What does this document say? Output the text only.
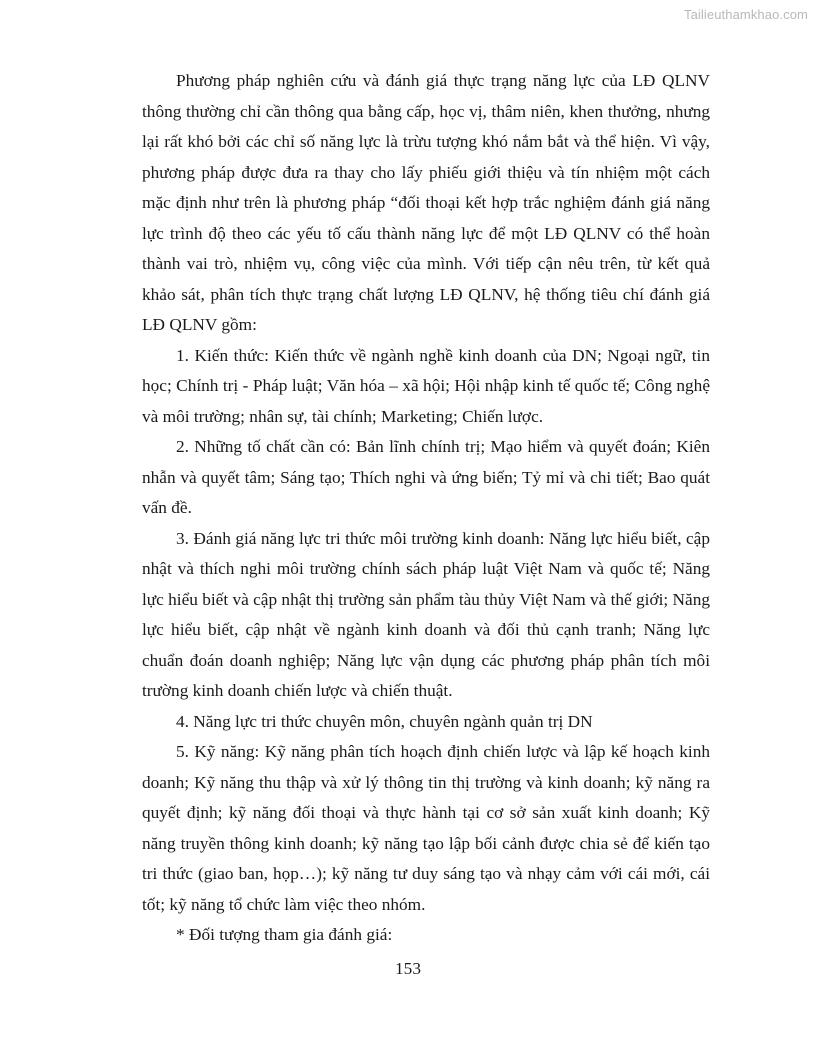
Tailieuthamkhao.com

Phương pháp nghiên cứu và đánh giá thực trạng năng lực của LĐ QLNV thông thường chỉ cần thông qua bằng cấp, học vị, thâm niên, khen thưởng, nhưng lại rất khó bởi các chỉ số năng lực là trừu tượng khó nắm bắt và thể hiện. Vì vậy, phương pháp được đưa ra thay cho lấy phiếu giới thiệu và tín nhiệm một cách mặc định như trên là phương pháp “đối thoại kết hợp trắc nghiệm đánh giá năng lực trình độ theo các yếu tố cấu thành năng lực để một LĐ QLNV có thể hoàn thành vai trò, nhiệm vụ, công việc của mình. Với tiếp cận nêu trên, từ kết quả khảo sát, phân tích thực trạng chất lượng LĐ QLNV, hệ thống tiêu chí đánh giá LĐ QLNV gồm:

1. Kiến thức: Kiến thức về ngành nghề kinh doanh của DN; Ngoại ngữ, tin học; Chính trị - Pháp luật; Văn hóa – xã hội; Hội nhập kinh tế quốc tế; Công nghệ và môi trường; nhân sự, tài chính; Marketing; Chiến lược.

2. Những tố chất cần có: Bản lĩnh chính trị; Mạo hiểm và quyết đoán; Kiên nhẫn và quyết tâm; Sáng tạo; Thích nghi và ứng biến; Tỷ mỉ và chi tiết; Bao quát vấn đề.

3. Đánh giá năng lực tri thức môi trường kinh doanh: Năng lực hiểu biết, cập nhật và thích nghi môi trường chính sách pháp luật Việt Nam và quốc tế; Năng lực hiểu biết và cập nhật thị trường sản phẩm tàu thủy Việt Nam và thế giới; Năng lực hiểu biết, cập nhật về ngành kinh doanh và đối thủ cạnh tranh; Năng lực chuẩn đoán doanh nghiệp; Năng lực vận dụng các phương pháp phân tích môi trường kinh doanh chiến lược và chiến thuật.

4. Năng lực tri thức chuyên môn, chuyên ngành quản trị DN

5. Kỹ năng: Kỹ năng phân tích hoạch định chiến lược và lập kế hoạch kinh doanh; Kỹ năng thu thập và xử lý thông tin thị trường và kinh doanh; kỹ năng ra quyết định; kỹ năng đối thoại và thực hành tại cơ sở sản xuất kinh doanh; Kỹ năng truyền thông kinh doanh; kỹ năng tạo lập bối cảnh được chia sẻ để kiến tạo tri thức (giao ban, họp…); kỹ năng tư duy sáng tạo và nhạy cảm với cái mới, cái tốt; kỹ năng tổ chức làm việc theo nhóm.

* Đối tượng tham gia đánh giá:

153
